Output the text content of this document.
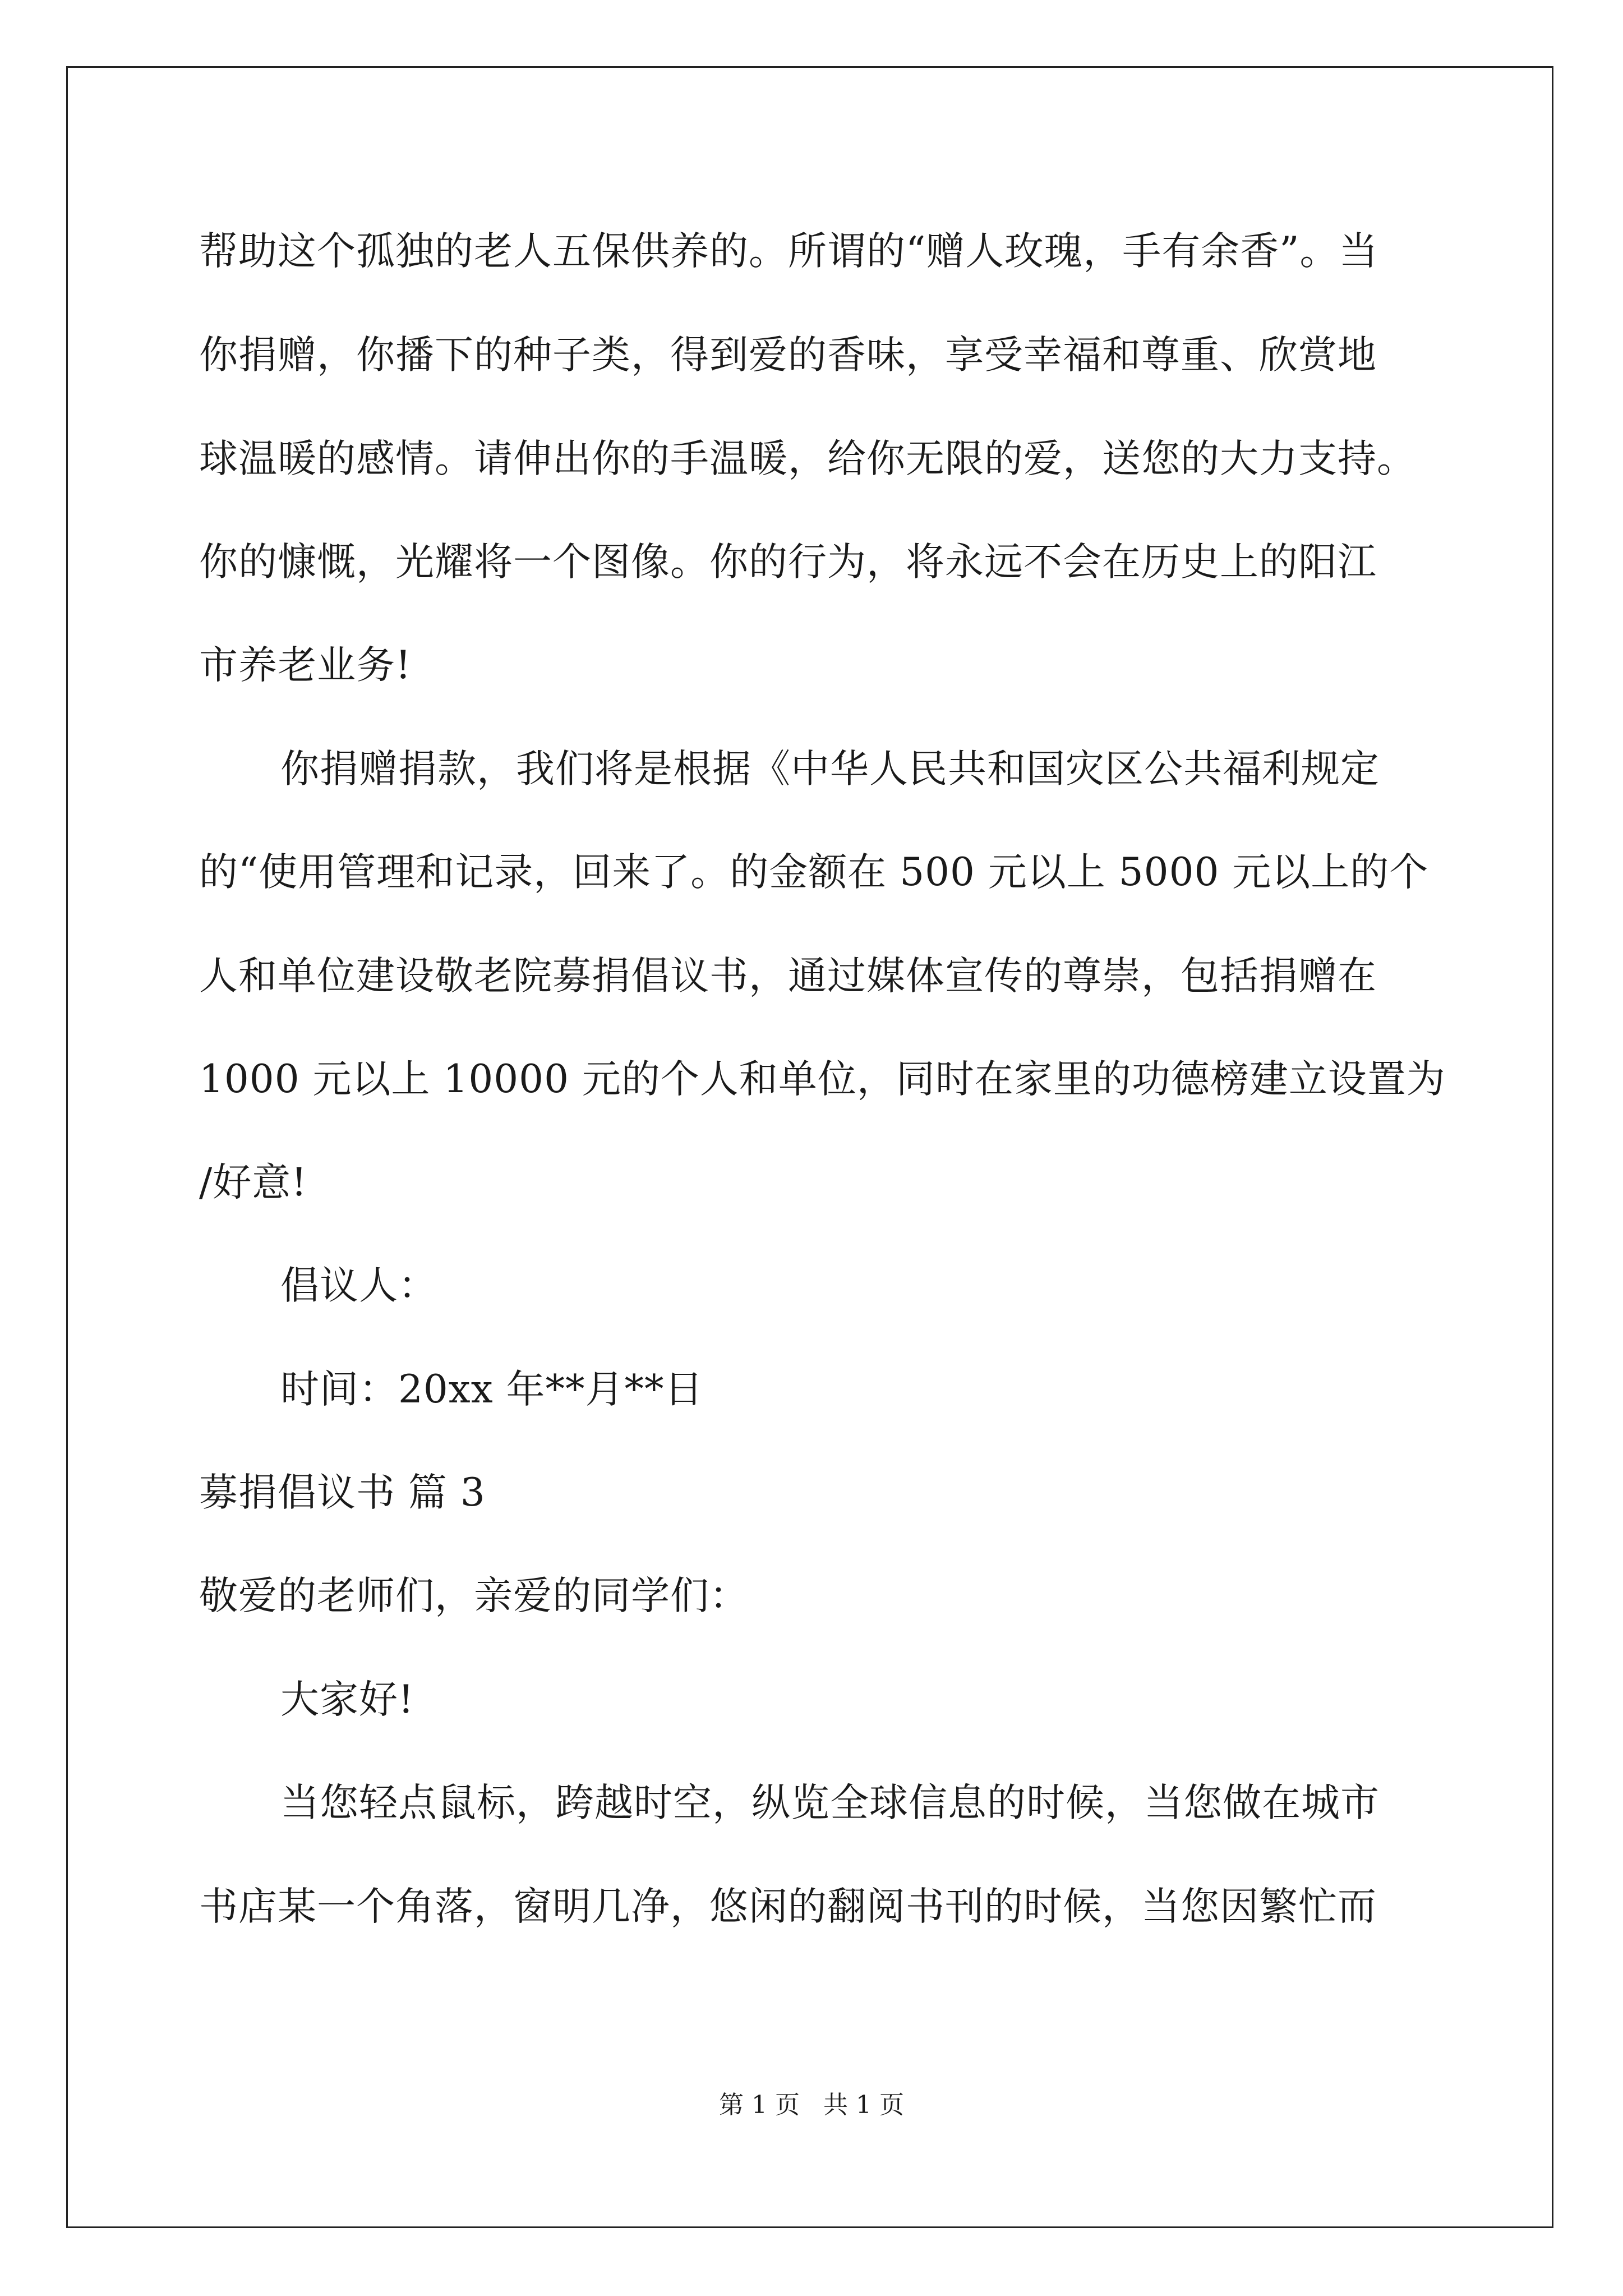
帮助这个孤独的老人五保供养的。所谓的“赠人玫瑰，手有余香”。当
你捐赠，你播下的种子类，得到爱的香味，享受幸福和尊重、欣赏地
球温暖的感情。请伸出你的手温暖，给你无限的爱，送您的大力支持。
你的慷慨，光耀将一个图像。你的行为，将永远不会在历史上的阳江
市养老业务!
你捐赠捐款，我们将是根据《中华人民共和国灾区公共福利规定
的“使用管理和记录，回来了。的金额在 500 元以上 5000 元以上的个
人和单位建设敬老院募捐倡议书，通过媒体宣传的尊崇，包括捐赠在
1000 元以上 10000 元的个人和单位，同时在家里的功德榜建立设置为
/好意!
倡议人：
时间：20xx 年**月**日
募捐倡议书 篇 3
敬爱的老师们，亲爱的同学们：
大家好!
当您轻点鼠标，跨越时空，纵览全球信息的时候，当您做在城市
书店某一个角落，窗明几净，悠闲的翻阅书刊的时候，当您因繁忙而
第 1 页   共 1 页
